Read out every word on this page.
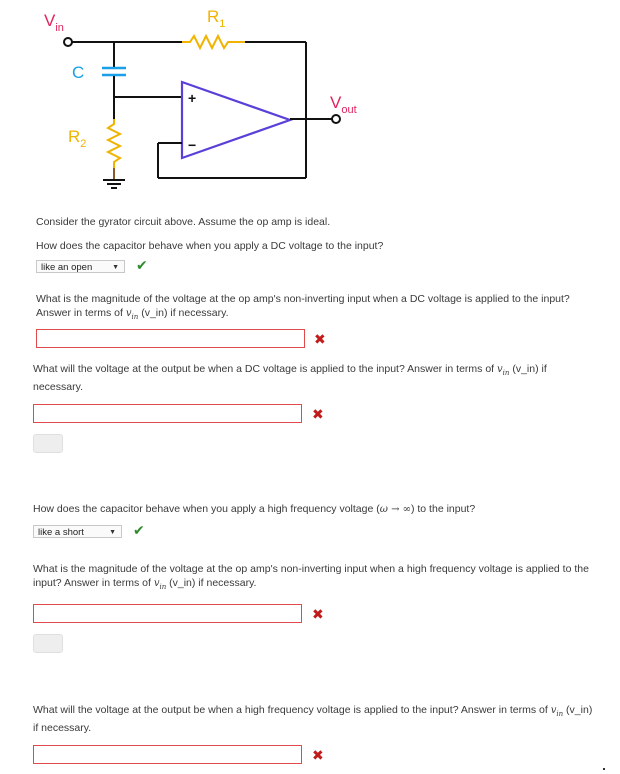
$V_{in}$
$R_1$
C
$R_2$
$V_{out}$
+
−
Consider the gyrator circuit above. Assume the op amp is ideal.
How does the capacitor behave when you apply a DC voltage to the input?
like an open	▼ ✔
What is the magnitude of the voltage at the op amp's non-inverting input when a DC voltage is applied to the input? Answer in terms of $v_{in}$ (v_in) if necessary.
✖
What will the voltage at the output be when a DC voltage is applied to the input? Answer in terms of $v_{in}$ (v_in) if necessary.
✖
How does the capacitor behave when you apply a high frequency voltage (ω → ∞) to the input?
like a short	▼ ✔
What is the magnitude of the voltage at the op amp's non-inverting input when a high frequency voltage is applied to the input? Answer in terms of $v_{in}$ (v_in) if necessary.
✖
What will the voltage at the output be when a high frequency voltage is applied to the input? Answer in terms of $v_{in}$ (v_in) if necessary.
✖
